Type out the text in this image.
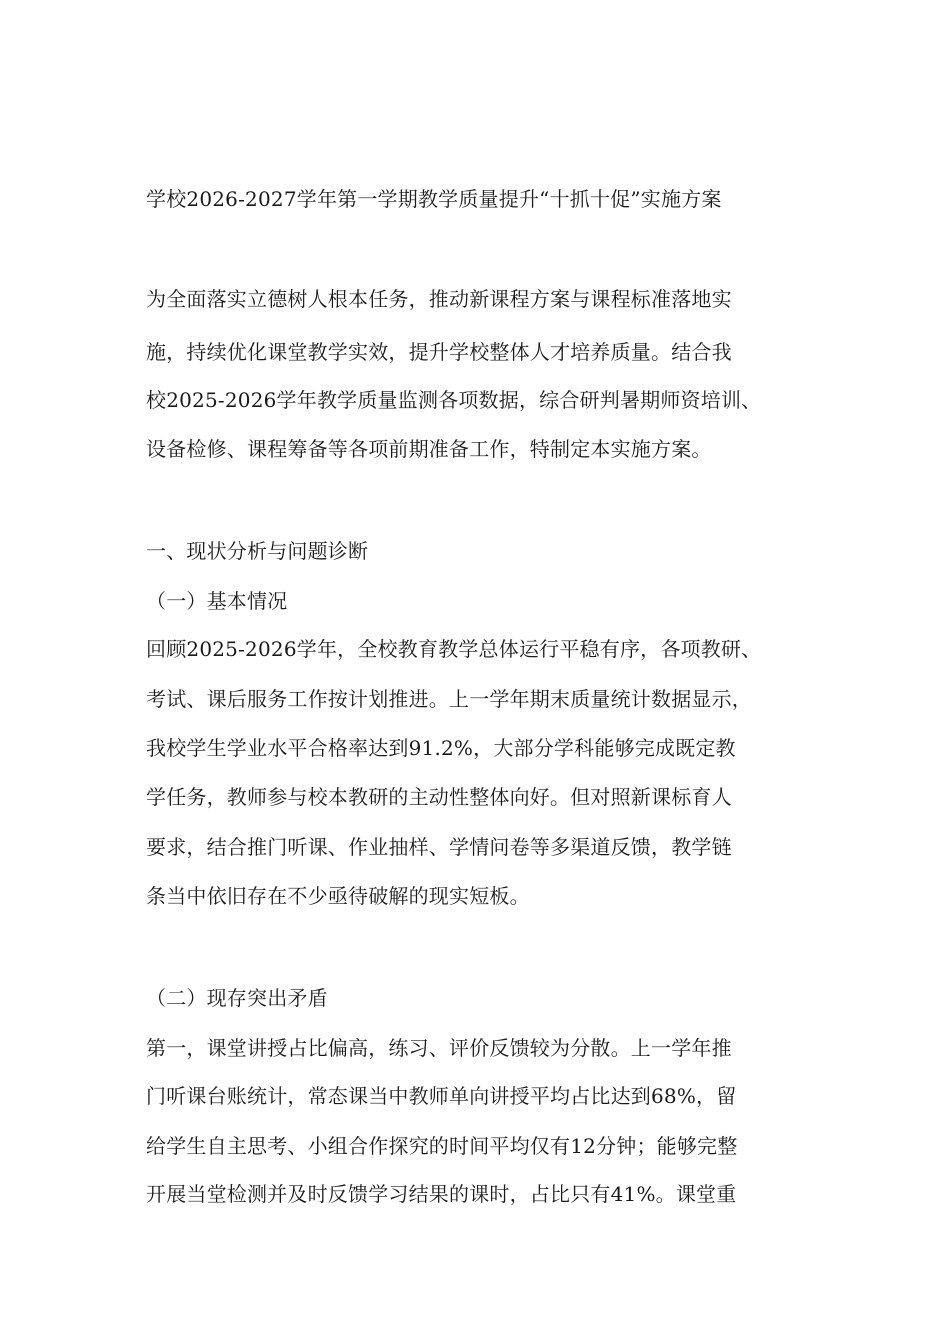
学校2026-2027学年第一学期教学质量提升“十抓十促”实施方案
为全面落实立德树人根本任务，推动新课程方案与课程标准落地实
施，持续优化课堂教学实效，提升学校整体人才培养质量。结合我
校2025-2026学年教学质量监测各项数据，综合研判暑期师资培训、
设备检修、课程筹备等各项前期准备工作，特制定本实施方案。
一、现状分析与问题诊断
（一）基本情况
回顾2025-2026学年，全校教育教学总体运行平稳有序，各项教研、
考试、课后服务工作按计划推进。上一学年期末质量统计数据显示，
我校学生学业水平合格率达到91.2%，大部分学科能够完成既定教
学任务，教师参与校本教研的主动性整体向好。但对照新课标育人
要求，结合推门听课、作业抽样、学情问卷等多渠道反馈，教学链
条当中依旧存在不少亟待破解的现实短板。
（二）现存突出矛盾
第一，课堂讲授占比偏高，练习、评价反馈较为分散。上一学年推
门听课台账统计，常态课当中教师单向讲授平均占比达到68%，留
给学生自主思考、小组合作探究的时间平均仅有12分钟；能够完整
开展当堂检测并及时反馈学习结果的课时，占比只有41%。课堂重
